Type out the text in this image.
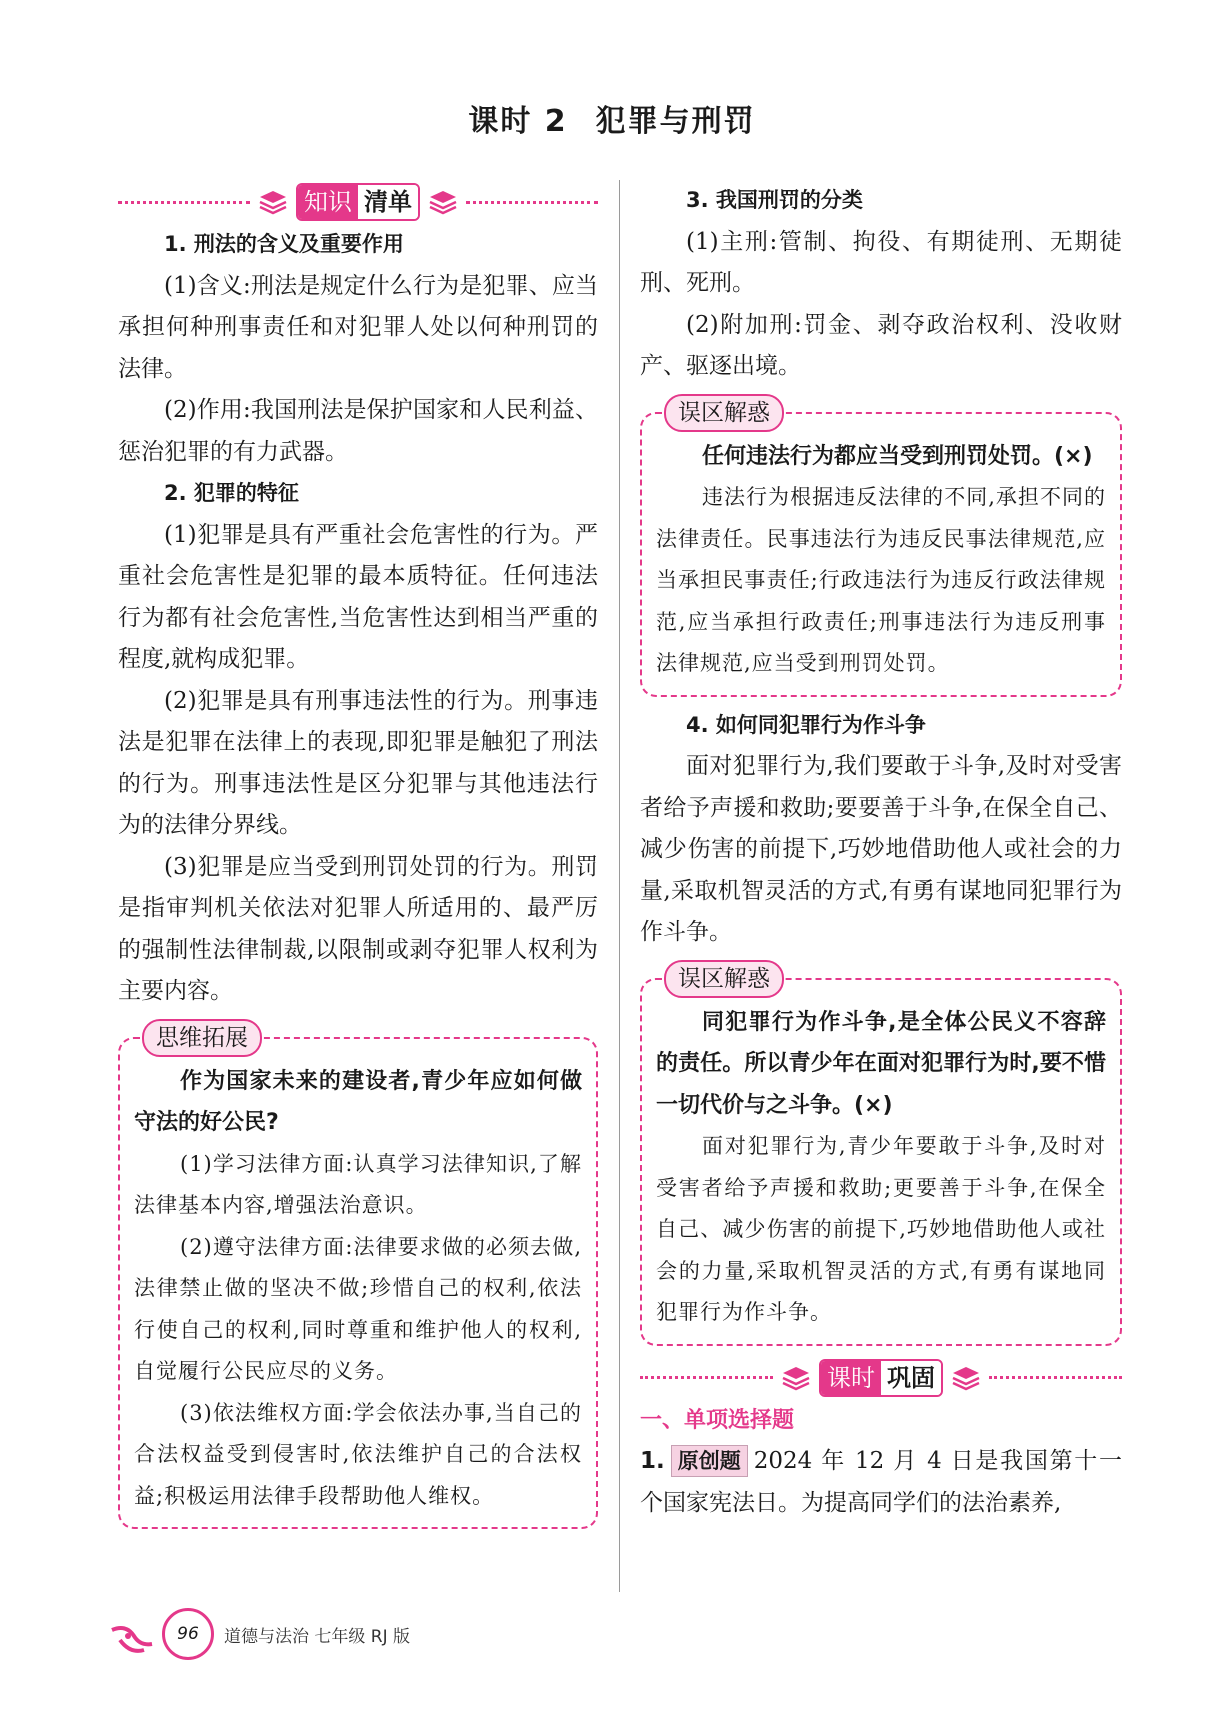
课时 2 犯罪与刑罚
知识 清单

1. 刑法的含义及重要作用

(1)含义:刑法是规定什么行为是犯罪、应当承担何种刑事责任和对犯罪人处以何种刑罚的法律。

(2)作用:我国刑法是保护国家和人民利益、惩治犯罪的有力武器。

2. 犯罪的特征

(1)犯罪是具有严重社会危害性的行为。严重社会危害性是犯罪的最本质特征。任何违法行为都有社会危害性,当危害性达到相当严重的程度,就构成犯罪。

(2)犯罪是具有刑事违法性的行为。刑事违法是犯罪在法律上的表现,即犯罪是触犯了刑法的行为。刑事违法性是区分犯罪与其他违法行为的法律分界线。

(3)犯罪是应当受到刑罚处罚的行为。刑罚是指审判机关依法对犯罪人所适用的、最严厉的强制性法律制裁,以限制或剥夺犯罪人权利为主要内容。

思维拓展

作为国家未来的建设者,青少年应如何做守法的好公民?

(1)学习法律方面:认真学习法律知识,了解法律基本内容,增强法治意识。

(2)遵守法律方面:法律要求做的必须去做,法律禁止做的坚决不做;珍惜自己的权利,依法行使自己的权利,同时尊重和维护他人的权利,自觉履行公民应尽的义务。

(3)依法维权方面:学会依法办事,当自己的合法权益受到侵害时,依法维护自己的合法权益;积极运用法律手段帮助他人维权。

3. 我国刑罚的分类

(1)主刑:管制、拘役、有期徒刑、无期徒刑、死刑。

(2)附加刑:罚金、剥夺政治权利、没收财产、驱逐出境。

误区解惑

任何违法行为都应当受到刑罚处罚。(×)

违法行为根据违反法律的不同,承担不同的法律责任。民事违法行为违反民事法律规范,应当承担民事责任;行政违法行为违反行政法律规范,应当承担行政责任;刑事违法行为违反刑事法律规范,应当受到刑罚处罚。

4. 如何同犯罪行为作斗争

面对犯罪行为,我们要敢于斗争,及时对受害者给予声援和救助;要要善于斗争,在保全自己、减少伤害的前提下,巧妙地借助他人或社会的力量,采取机智灵活的方式,有勇有谋地同犯罪行为作斗争。

误区解惑

同犯罪行为作斗争,是全体公民义不容辞的责任。所以青少年在面对犯罪行为时,要不惜一切代价与之斗争。(×)

面对犯罪行为,青少年要敢于斗争,及时对受害者给予声援和救助;更要善于斗争,在保全自己、减少伤害的前提下,巧妙地借助他人或社会的力量,采取机智灵活的方式,有勇有谋地同犯罪行为作斗争。

课时 巩固

一、单项选择题

1. 原创题 2024 年 12 月 4 日是我国第十一个国家宪法日。为提高同学们的法治素养,

96	道德与法治 七年级 RJ 版
